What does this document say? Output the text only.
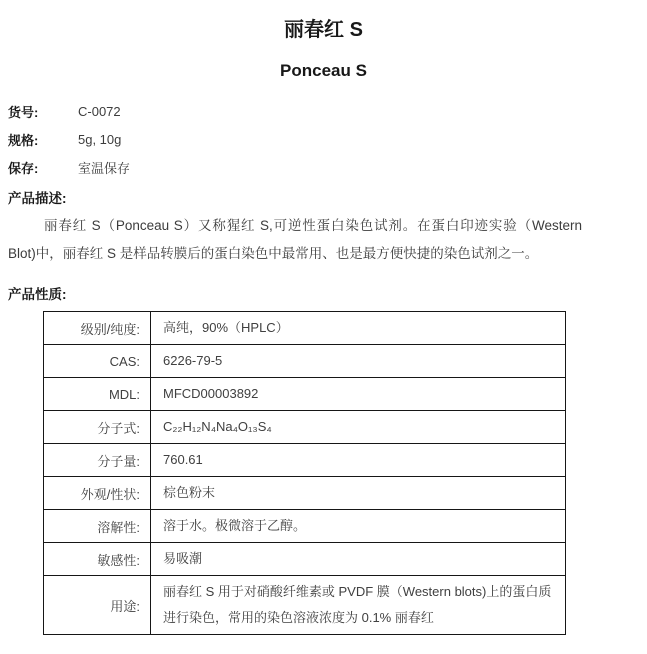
丽春红 S
Ponceau S
货号:	C-0072
规格:	5g, 10g
保存:	室温保存
产品描述:
丽春红 S（Ponceau S）又称猩红 S,可逆性蛋白染色试剂。在蛋白印迹实验（Western Blot)中，丽春红 S 是样品转膜后的蛋白染色中最常用、也是最方便快捷的染色试剂之一。
产品性质:
级别/纯度:	高纯，90%（HPLC）
CAS:	6226-79-5
MDL:	MFCD00003892
分子式:	C₂₂H₁₂N₄Na₄O₁₃S₄
分子量:	760.61
外观/性状:	棕色粉末
溶解性:	溶于水。极微溶于乙醇。
敏感性:	易吸潮
用途:	丽春红 S 用于对硝酸纤维素或 PVDF 膜（Western blots)上的蛋白质进行染色，常用的染色溶液浓度为 0.1% 丽春红
